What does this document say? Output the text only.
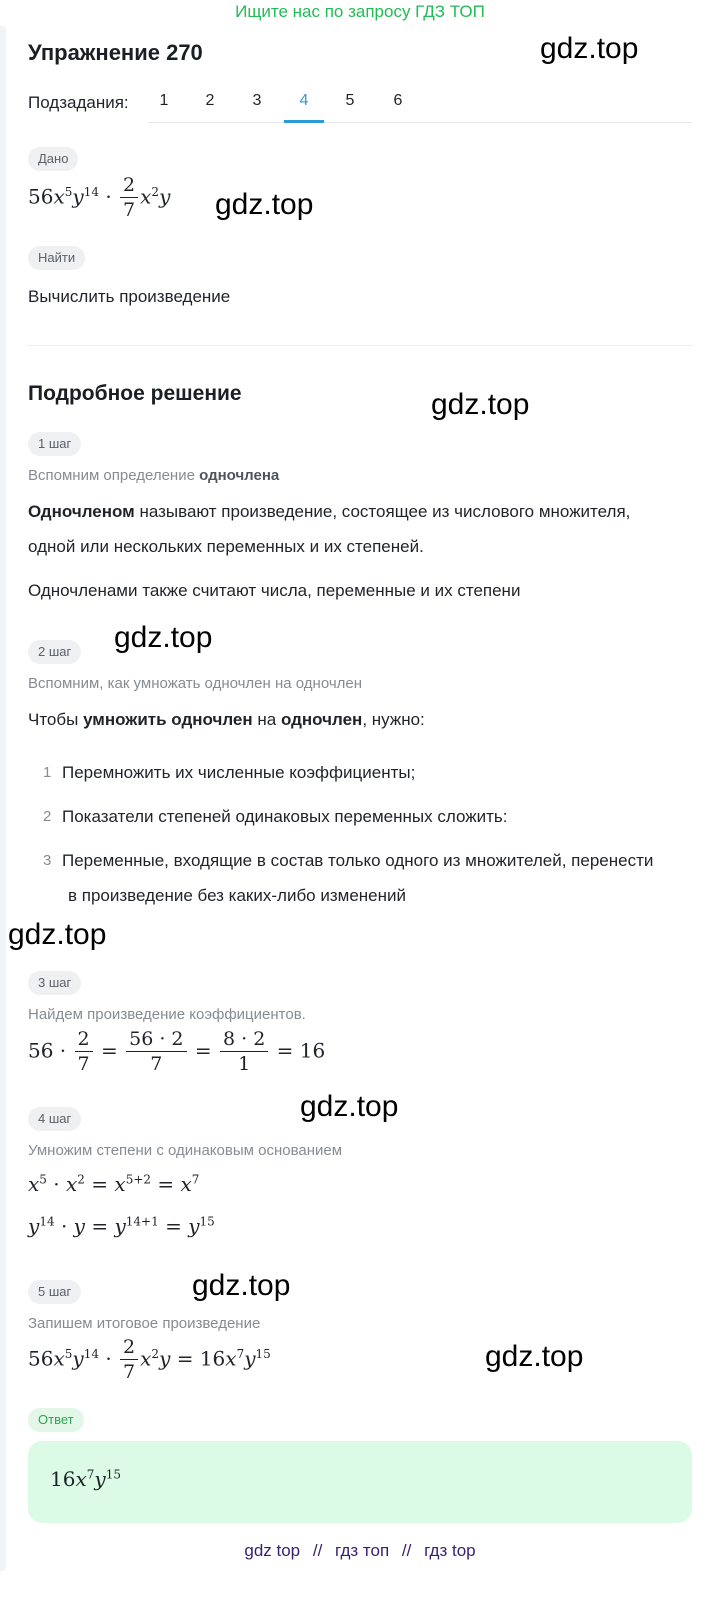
Ищите нас по запросу ГДЗ ТОП
Упражнение 270
Подзадания:	1	2	3	4	5	6
Дано
$56x^5y^{14} \cdot \frac{2}{7} x^2y$
Найти
Вычислить произведение
Подробное решение
1 шаг
Вспомним определение одночлена
Одночленом называют произведение, состоящее из числового множителя,
одной или нескольких переменных и их степеней.
Одночленами также считают числа, переменные и их степени
2 шаг
Вспомним, как умножать одночлен на одночлен
Чтобы умножить одночлен на одночлен, нужно:
1 Перемножить их численные коэффициенты;
2 Показатели степеней одинаковых переменных сложить:
3 Переменные, входящие в состав только одного из множителей, перенести
в произведение без каких-либо изменений
3 шаг
Найдем произведение коэффициентов.
$56 \cdot \frac{2}{7} = \frac{56 \cdot 2}{7} = \frac{8 \cdot 2}{1} = 16$
4 шаг
Умножим степени с одинаковым основанием
$x^5 \cdot x^2 = x^{5+2} = x^7$
$y^{14} \cdot y = y^{14+1} = y^{15}$
5 шаг
Запишем итоговое произведение
$56x^5y^{14} \cdot \frac{2}{7} x^2y = 16x^7y^{15}$
Ответ
$16x^7y^{15}$
gdz.top
gdz.top
gdz.top
gdz.top
gdz.top
gdz.top
gdz.top
gdz.top
gdz top // гдз топ // гдз top
